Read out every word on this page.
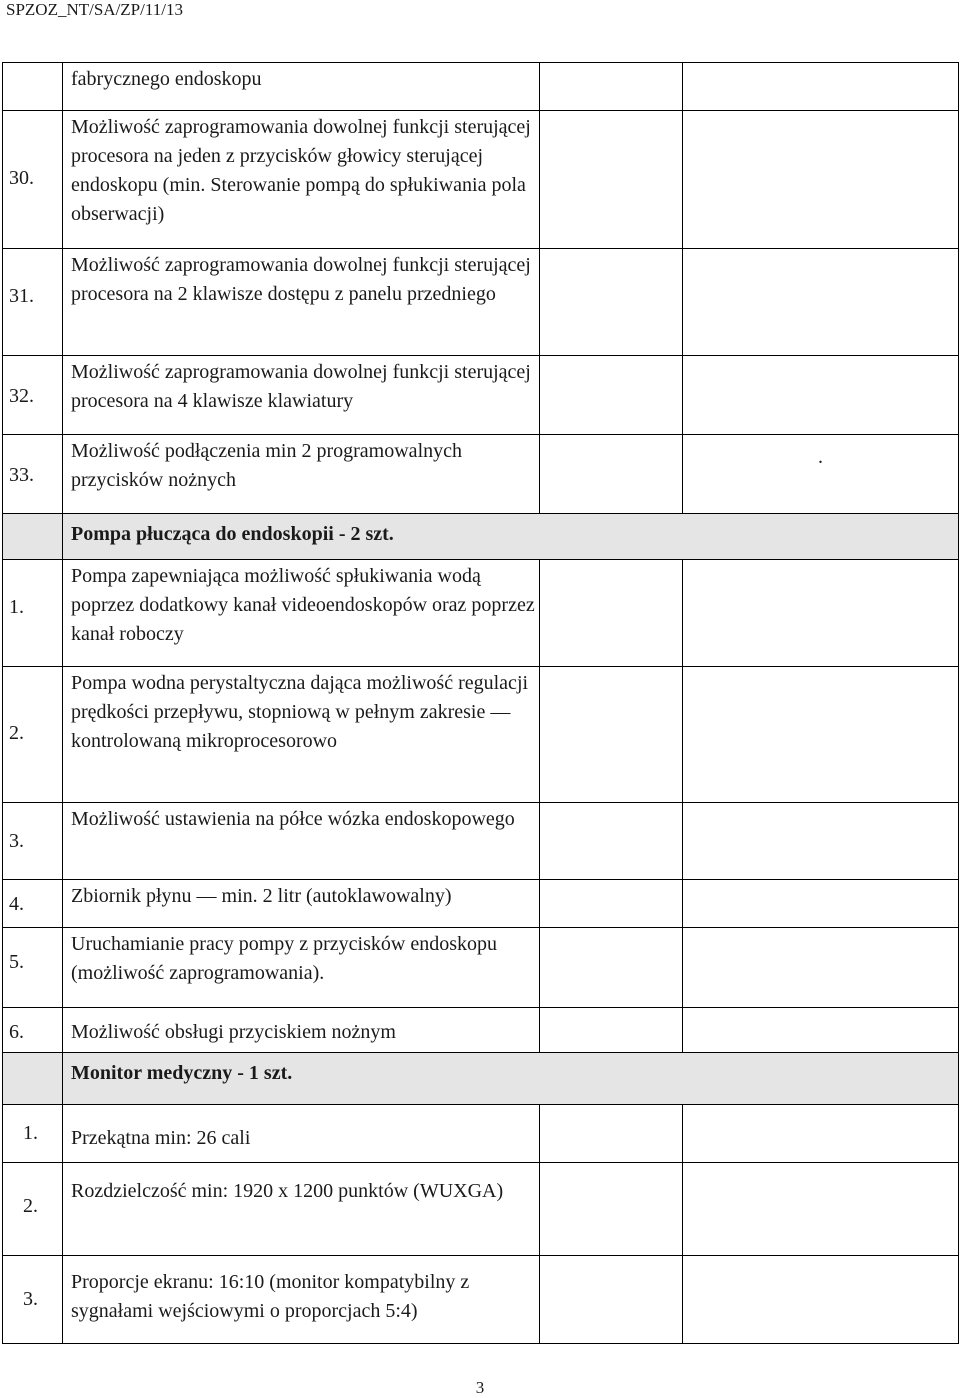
SPZOZ_NT/SA/ZP/11/13
	fabrycznego endoskopu		

30.	Możliwość zaprogramowania dowolnej funkcji sterującej procesora na jeden z przycisków głowicy sterującej endoskopu (min. Sterowanie pompą do spłukiwania pola obserwacji)		

31.	Możliwość zaprogramowania dowolnej funkcji sterującej procesora na 2 klawisze dostępu z panelu przedniego		

32.	Możliwość zaprogramowania dowolnej funkcji sterującej procesora na 4 klawisze klawiatury		

33.	Możliwość podłączenia min 2 programowalnych przycisków nożnych		.

	Pompa płucząca do endoskopii - 2 szt.		

1.	Pompa zapewniająca możliwość spłukiwania wodą poprzez dodatkowy kanał videoendoskopów oraz poprzez kanał roboczy		

2.	Pompa wodna perystaltyczna dająca możliwość regulacji prędkości przepływu, stopniową w pełnym zakresie — kontrolowaną mikroprocesorowo		

3.	Możliwość ustawienia na półce wózka endoskopowego		

4.	Zbiornik płynu — min. 2 litr (autoklawowalny)		

5.	Uruchamianie pracy pompy z przycisków endoskopu (możliwość zaprogramowania).		

6.	Możliwość obsługi przyciskiem nożnym		
	Monitor medyczny - 1 szt.		

1.	Przekątna min: 26 cali		

2.	Rozdzielczość min: 1920 x 1200 punktów (WUXGA)		

3.	Proporcje ekranu: 16:10 (monitor kompatybilny z sygnałami wejściowymi o proporcjach 5:4)		
3
